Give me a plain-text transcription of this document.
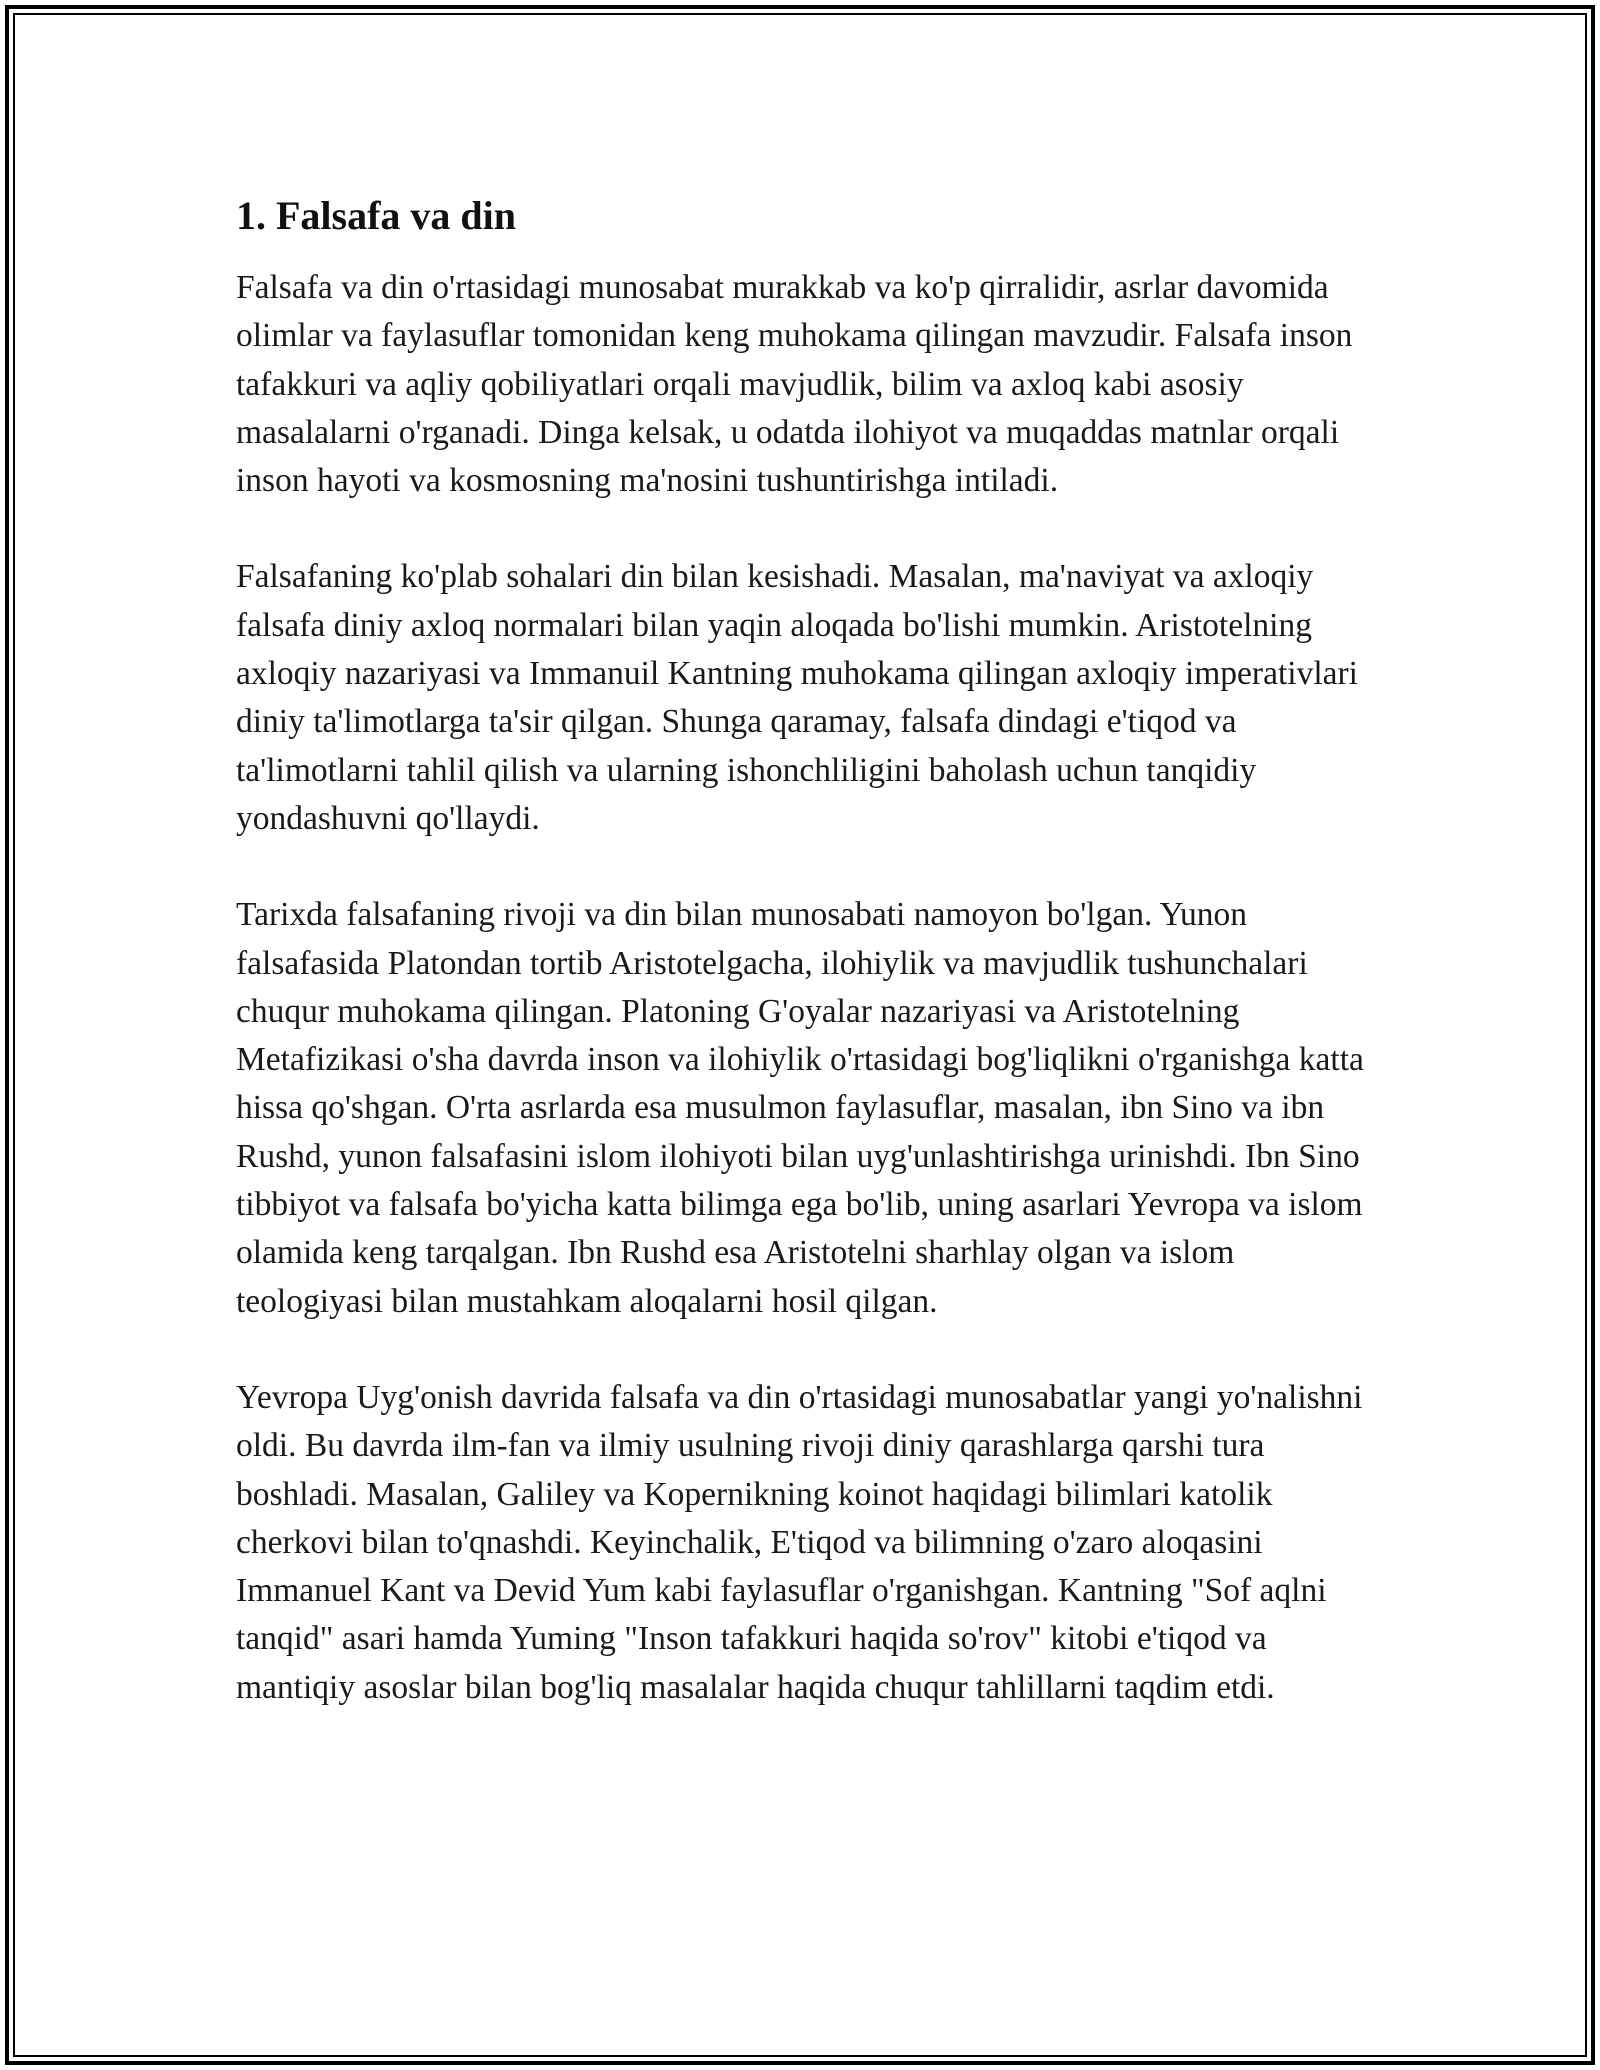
1. Falsafa va din

Falsafa va din o'rtasidagi munosabat murakkab va ko'p qirralidir, asrlar davomida olimlar va faylasuflar tomonidan keng muhokama qilingan mavzudir. Falsafa inson tafakkuri va aqliy qobiliyatlari orqali mavjudlik, bilim va axloq kabi asosiy masalalarni o'rganadi. Dinga kelsak, u odatda ilohiyot va muqaddas matnlar orqali inson hayoti va kosmosning ma'nosini tushuntirishga intiladi.

Falsafaning ko'plab sohalari din bilan kesishadi. Masalan, ma'naviyat va axloqiy falsafa diniy axloq normalari bilan yaqin aloqada bo'lishi mumkin. Aristotelning axloqiy nazariyasi va Immanuil Kantning muhokama qilingan axloqiy imperativlari diniy ta'limotlarga ta'sir qilgan. Shunga qaramay, falsafa dindagi e'tiqod va ta'limotlarni tahlil qilish va ularning ishonchliligini baholash uchun tanqidiy yondashuvni qo'llaydi.

Tarixda falsafaning rivoji va din bilan munosabati namoyon bo'lgan. Yunon falsafasida Platondan tortib Aristotelgacha, ilohiylik va mavjudlik tushunchalari chuqur muhokama qilingan. Platoning G'oyalar nazariyasi va Aristotelning Metafizikasi o'sha davrda inson va ilohiylik o'rtasidagi bog'liqlikni o'rganishga katta hissa qo'shgan. O'rta asrlarda esa musulmon faylasuflar, masalan, ibn Sino va ibn Rushd, yunon falsafasini islom ilohiyoti bilan uyg'unlashtirishga urinishdi. Ibn Sino tibbiyot va falsafa bo'yicha katta bilimga ega bo'lib, uning asarlari Yevropa va islom olamida keng tarqalgan. Ibn Rushd esa Aristotelni sharhlay olgan va islom teologiyasi bilan mustahkam aloqalarni hosil qilgan.

Yevropa Uyg'onish davrida falsafa va din o'rtasidagi munosabatlar yangi yo'nalishni oldi. Bu davrda ilm-fan va ilmiy usulning rivoji diniy qarashlarga qarshi tura boshladi. Masalan, Galiley va Kopernikning koinot haqidagi bilimlari katolik cherkovi bilan to'qnashdi. Keyinchalik, E'tiqod va bilimning o'zaro aloqasini Immanuel Kant va Devid Yum kabi faylasuflar o'rganishgan. Kantning "Sof aqlni tanqid" asari hamda Yuming "Inson tafakkuri haqida so'rov" kitobi e'tiqod va mantiqiy asoslar bilan bog'liq masalalar haqida chuqur tahlillarni taqdim etdi.
